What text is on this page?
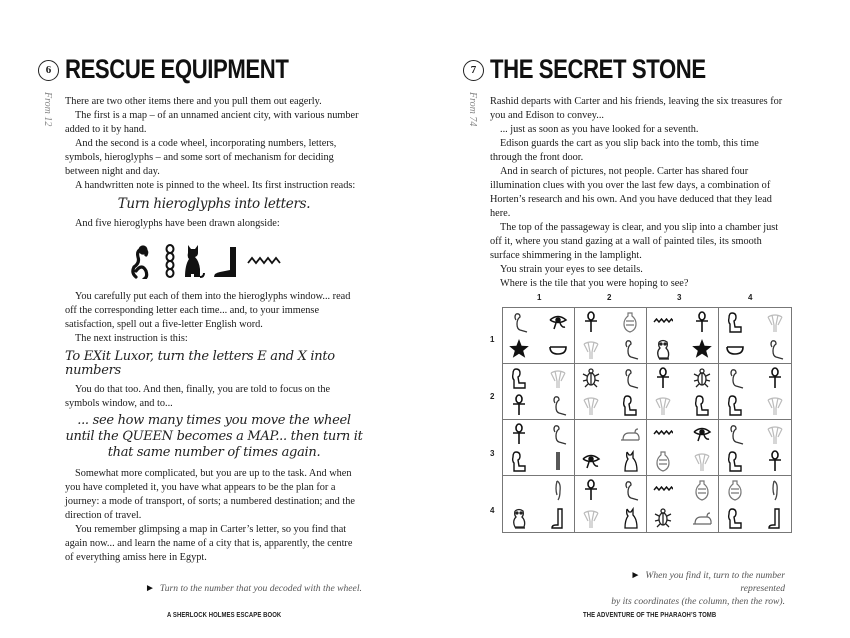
6 RESCUE EQUIPMENT
From 12 There are two other items there and you pull them out eagerly.

The first is a map – of an unnamed ancient city, with various number added to it by hand.

And the second is a code wheel, incorporating numbers, letters, symbols, hieroglyphs – and some sort of mechanism for deciding between night and day.

A handwritten note is pinned to the wheel. Its first instruction reads:

Turn hieroglyphs into letters.

And five hieroglyphs have been drawn alongside:

You carefully put each of them into the hieroglyphs window... read off the corresponding letter each time... and, to your immense satisfaction, spell out a five-letter English word.

The next instruction is this:

To EXit Luxor, turn the letters E and X into numbers

You do that too. And then, finally, you are told to focus on the symbols window, and to...

... see how many times you move the wheel until the QUEEN becomes a MAP... then turn it that same number of times again.

Somewhat more complicated, but you are up to the task. And when you have completed it, you have what appears to be the plan for a journey: a mode of transport, of sorts; a numbered destination; and the direction of travel.

You remember glimpsing a map in Carter’s letter, so you find that again now... and learn the name of a city that is, apparently, the centre of everything amiss here in Egypt.

► Turn to the number that you decoded with the wheel.
A SHERLOCK HOLMES ESCAPE BOOK
7 THE SECRET STONE
From 74 Rashid departs with Carter and his friends, leaving the six treasures for you and Edison to convey...

... just as soon as you have looked for a seventh.

Edison guards the cart as you slip back into the tomb, this time through the front door.

And in search of pictures, not people. Carter has shared four illumination clues with you over the last few days, a combination of Horten’s research and his own. And you have deduced that they lead here.

The top of the passageway is clear, and you slip into a chamber just off it, where you stand gazing at a wall of painted tiles, its smooth surface shimmering in the lamplight.

You strain your eyes to see details.

Where is the tile that you were hoping to see?

► When you find it, turn to the number represented
by its coordinates (the column, then the row).
THE ADVENTURE OF THE PHARAOH’S TOMB
1	2	3	4
1
2
3
4
